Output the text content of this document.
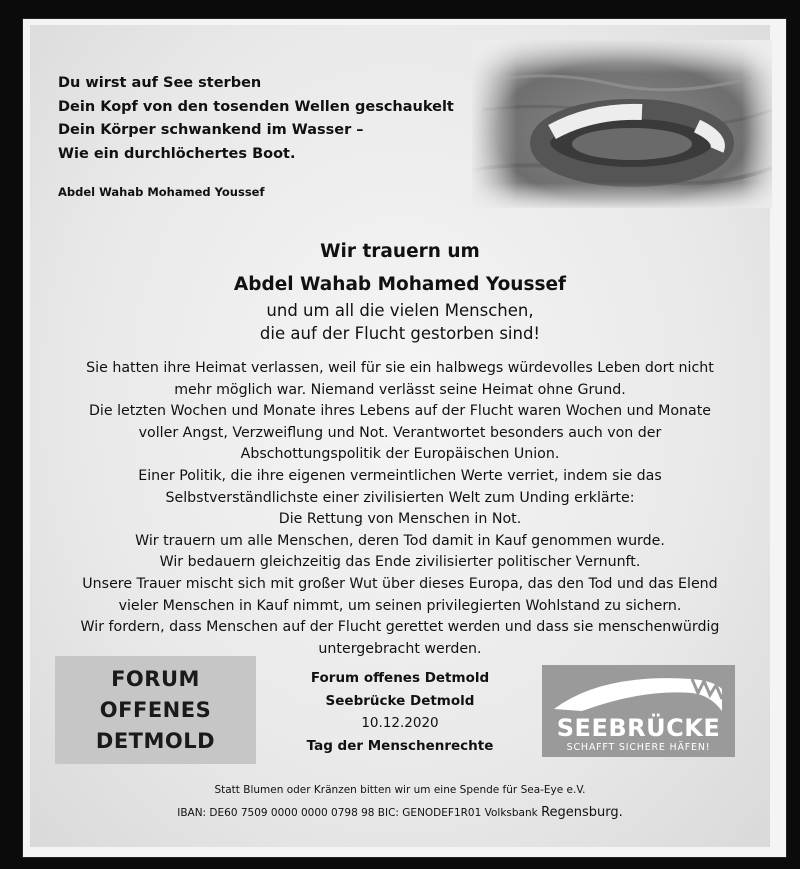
Du wirst auf See sterben
Dein Kopf von den tosenden Wellen geschaukelt
Dein Körper schwankend im Wasser –
Wie ein durchlöchertes Boot.
Abdel Wahab Mohamed Youssef
Wir trauern um
Abdel Wahab Mohamed Youssef
und um all die vielen Menschen,
die auf der Flucht gestorben sind!
Sie hatten ihre Heimat verlassen, weil für sie ein halbwegs würdevolles Leben dort nicht
mehr möglich war. Niemand verlässt seine Heimat ohne Grund.
Die letzten Wochen und Monate ihres Lebens auf der Flucht waren Wochen und Monate
voller Angst, Verzweiflung und Not. Verantwortet besonders auch von der
Abschottungspolitik der Europäischen Union.
Einer Politik, die ihre eigenen vermeintlichen Werte verriet, indem sie das
Selbstverständlichste einer zivilisierten Welt zum Unding erklärte:
Die Rettung von Menschen in Not.
Wir trauern um alle Menschen, deren Tod damit in Kauf genommen wurde.
Wir bedauern gleichzeitig das Ende zivilisierter politischer Vernunft.
Unsere Trauer mischt sich mit großer Wut über dieses Europa, das den Tod und das Elend
vieler Menschen in Kauf nimmt, um seinen privilegierten Wohlstand zu sichern.
Wir fordern, dass Menschen auf der Flucht gerettet werden und dass sie menschenwürdig
untergebracht werden.
FORUM
OFFENES
DETMOLD
Forum offenes Detmold
Seebrücke Detmold
10.12.2020
Tag der Menschenrechte
SEEBRÜCKE
SCHAFFT SICHERE HÄFEN!
Statt Blumen oder Kränzen bitten wir um eine Spende für Sea-Eye e.V.
IBAN: DE60 7509 0000 0000 0798 98 BIC: GENODEF1R01 Volksbank Regensburg.
